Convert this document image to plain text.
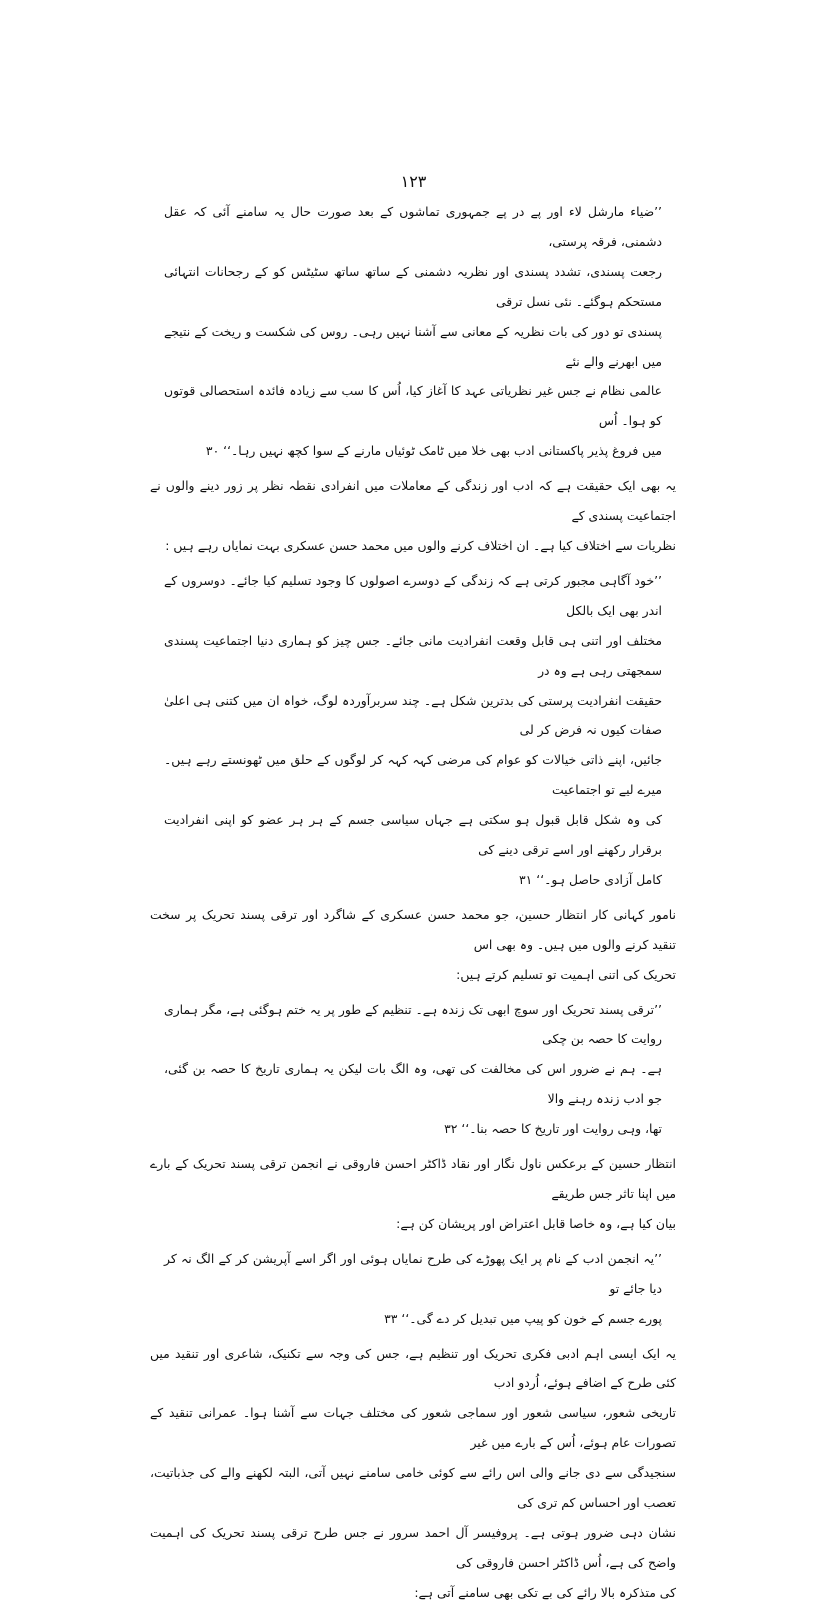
۱۲۳
’’ضیاء مارشل لاء اور پے در پے جمہوری تماشوں کے بعد صورت حال یہ سامنے آئی کہ عقل دشمنی، فرقہ پرستی،
رجعت پسندی، تشدد پسندی اور نظریہ دشمنی کے ساتھ ساتھ سٹیٹس کو کے رجحانات انتہائی مستحکم ہوگئے۔ نئی نسل ترقی
پسندی تو دور کی بات نظریہ کے معانی سے آشنا نہیں رہی۔ روس کی شکست و ریخت کے نتیجے میں ابھرنے والے نئے
عالمی نظام نے جس غیر نظریاتی عہد کا آغاز کیا، اُس کا سب سے زیادہ فائدہ استحصالی قوتوں کو ہوا۔ اُس
میں فروغ پذیر پاکستانی ادب بھی خلا میں ٹامک ٹوئیاں مارنے کے سوا کچھ نہیں رہا۔‘‘ ۳۰
یہ بھی ایک حقیقت ہے کہ ادب اور زندگی کے معاملات میں انفرادی نقطہ نظر پر زور دینے والوں نے اجتماعیت پسندی کے
نظریات سے اختلاف کیا ہے۔ ان اختلاف کرنے والوں میں محمد حسن عسکری بہت نمایاں رہے ہیں :
’’خود آگاہی مجبور کرتی ہے کہ زندگی کے دوسرے اصولوں کا وجود تسلیم کیا جائے۔ دوسروں کے اندر بھی ایک بالکل
مختلف اور اتنی ہی قابل وقعت انفرادیت مانی جائے۔ جس چیز کو ہماری دنیا اجتماعیت پسندی سمجھتی رہی ہے وہ در
حقیقت انفرادیت پرستی کی بدترین شکل ہے۔ چند سربرآوردہ لوگ، خواہ ان میں کتنی ہی اعلیٰ صفات کیوں نہ فرض کر لی
جائیں، اپنے ذاتی خیالات کو عوام کی مرضی کہہ کہہ کر لوگوں کے حلق میں ٹھونستے رہے ہیں۔ میرے لیے تو اجتماعیت
کی وہ شکل قابل قبول ہو سکتی ہے جہاں سیاسی جسم کے ہر ہر عضو کو اپنی انفرادیت برقرار رکھنے اور اسے ترقی دینے کی
کامل آزادی حاصل ہو۔‘‘ ۳۱
نامور کہانی کار انتظار حسین، جو محمد حسن عسکری کے شاگرد اور ترقی پسند تحریک پر سخت تنقید کرنے والوں میں ہیں۔ وہ بھی اس
تحریک کی اتنی اہمیت تو تسلیم کرتے ہیں:
’’ترقی پسند تحریک اور سوچ ابھی تک زندہ ہے۔ تنظیم کے طور پر یہ ختم ہوگئی ہے، مگر ہماری روایت کا حصہ بن چکی
ہے۔ ہم نے ضرور اس کی مخالفت کی تھی، وہ الگ بات لیکن یہ ہماری تاریخ کا حصہ بن گئی، جو ادب زندہ رہنے والا
تھا، وہی روایت اور تاریخ کا حصہ بنا۔‘‘ ۳۲
انتظار حسین کے برعکس ناول نگار اور نقاد ڈاکٹر احسن فاروقی نے انجمن ترقی پسند تحریک کے بارے میں اپنا تاثر جس طریقے
بیان کیا ہے، وہ خاصا قابل اعتراض اور پریشان کن ہے:
’’یہ انجمن ادب کے نام پر ایک پھوڑے کی طرح نمایاں ہوئی اور اگر اسے آپریشن کر کے الگ نہ کر دیا جائے تو
پورے جسم کے خون کو پیپ میں تبدیل کر دے گی۔‘‘ ۳۳
یہ ایک ایسی اہم ادبی فکری تحریک اور تنظیم ہے، جس کی وجہ سے تکنیک، شاعری اور تنقید میں کئی طرح کے اضافے ہوئے، اُردو ادب
تاریخی شعور، سیاسی شعور اور سماجی شعور کی مختلف جہات سے آشنا ہوا۔ عمرانی تنقید کے تصورات عام ہوئے، اُس کے بارے میں غیر
سنجیدگی سے دی جانے والی اس رائے سے کوئی خامی سامنے نہیں آتی، البتہ لکھنے والے کی جذباتیت، تعصب اور احساس کم تری کی
نشان دہی ضرور ہوتی ہے۔ پروفیسر آل احمد سرور نے جس طرح ترقی پسند تحریک کی اہمیت واضح کی ہے، اُس ڈاکٹر احسن فاروقی کی
کی متذکرہ بالا رائے کی بے تکی بھی سامنے آتی ہے:
